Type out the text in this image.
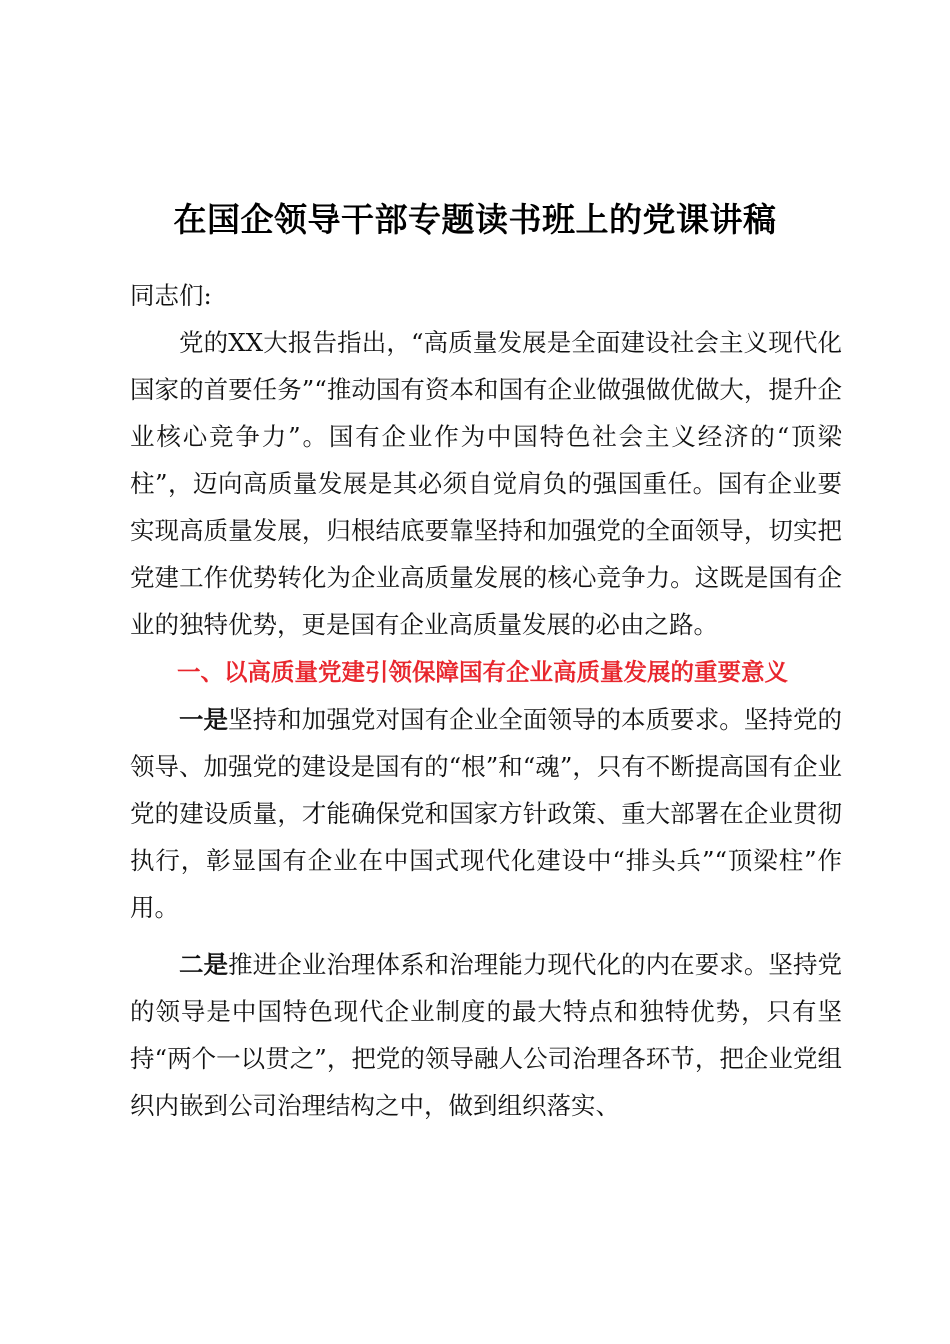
在国企领导干部专题读书班上的党课讲稿

同志们:

党的XX大报告指出，“高质量发展是全面建设社会主义现代化国家的首要任务”“推动国有资本和国有企业做强做优做大，提升企业核心竞争力”。国有企业作为中国特色社会主义经济的“顶梁柱”，迈向高质量发展是其必须自觉肩负的强国重任。国有企业要实现高质量发展，归根结底要靠坚持和加强党的全面领导，切实把党建工作优势转化为企业高质量发展的核心竞争力。这既是国有企业的独特优势，更是国有企业高质量发展的必由之路。

一、以高质量党建引领保障国有企业高质量发展的重要意义

一是坚持和加强党对国有企业全面领导的本质要求。坚持党的领导、加强党的建设是国有的“根”和“魂”，只有不断提高国有企业党的建设质量，才能确保党和国家方针政策、重大部署在企业贯彻执行，彰显国有企业在中国式现代化建设中“排头兵”“顶梁柱”作用。

二是推进企业治理体系和治理能力现代化的内在要求。坚持党的领导是中国特色现代企业制度的最大特点和独特优势，只有坚持“两个一以贯之”，把党的领导融人公司治理各环节，把企业党组织内嵌到公司治理结构之中，做到组织落实、
